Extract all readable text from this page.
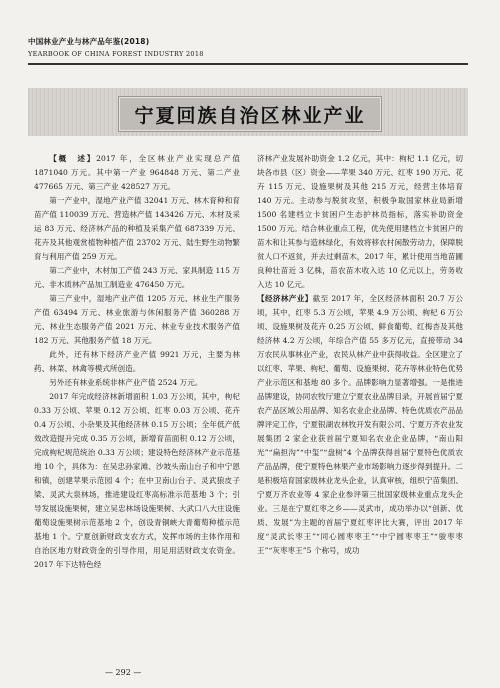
中国林业产业与林产品年鉴(2018)
YEARBOOK OF CHINA FOREST INDUSTRY 2018
宁夏回族自治区林业产业

【概　述】2017 年，全区林业产业实现总产值 1871040 万元。其中第一产业 964848 万元、第二产业 477665 万元、第三产业 428527 万元。

第一产业中，湿地产业产值 32041 万元、林木育种和育苗产值 110039 万元、营造林产值 143426 万元、木材及采运 83 万元、经济林产品的种植及采集产值 687339 万元、花卉及其他观赏植物种植产值 23702 万元、陆生野生动物繁育与利用产值 259 万元。

第二产业中，木材加工产值 243 万元、家具制造 115 万元、非木质林产品加工制造业 476450 万元。

第三产业中，湿地产业产值 1205 万元、林业生产服务产值 63494 万元、林业旅游与休闲服务产值 360288 万元、林业生态服务产值 2021 万元、林业专业技术服务产值 182 万元、其他服务产值 18 万元。

此外，还有林下经济产业产值 9921 万元，主要为林药、林菜、林禽等模式所创造。

另外还有林业系统非林产业产值 2524 万元。

2017 年完成经济林新增面积 1.03 万公顷，其中，枸杞 0.33 万公顷、苹果 0.12 万公顷、红枣 0.03 万公顷、花卉 0.4 万公顷、小杂果及其他经济林 0.15 万公顷；全年低产低效改造提升完成 0.35 万公顷，新增育苗面积 0.12 万公顷，完成枸杞规范统治 0.33 万公顷；建设特色经济林产业示范基地 10 个，具体为：在吴忠孙家滩、沙坡头南山台子和中宁恩和镇，创建苹果示范园 4 个；在中卫南山台子、灵武狼皮子梁、灵武大泉林场，推进建设红枣高标准示范基地 3 个；引导发展设施果树，建立吴忠林场设施果树、大武口八大庄设施葡萄设施果树示范基地 2 个，创设青铜峡大青葡萄种植示范基地 1 个。宁夏创新财政支农方式，发挥市场的主体作用和自治区地方财政资金的引导作用，用足用活财政支农资金。2017 年下达特色经

济林产业发展补助资金 1.2 亿元，其中：枸杞 1.1 亿元，切块各市县（区）资金——苹果 340 万元、红枣 190 万元、花卉 115 万元、设施果树及其他 215 万元，经营主体培育 140 万元。主动参与脱贫攻坚，积极争取国家林业局新增 1500 名建档立卡贫困户生态护林员指标，落实补助资金 1500 万元。结合林业重点工程，优先使用建档立卡贫困户的苗木和让其参与造林绿化，有效将移农村闲散劳动力，保障脱贫人口不返贫，并去过剩苗木，2017 年，累计使用当地苗圃良种壮苗近 3 亿株，苗农苗木收入达 10 亿元以上，劳务收入达 10 亿元。

【经济林产业】截至 2017 年，全区经济林面积 20.7 万公顷，其中，红枣 5.3 万公顷，苹果 4.9 万公顷、枸杞 6 万公顷、设施果树及花卉 0.25 万公顷、鲜食葡萄、红梅杏及其他经济林 4.2 万公顷，年综合产值 55 多万亿元，直接带动 34 万农民从事林业产业，农民从林产业中获得收益。全区建立了以红枣、苹果、枸杞、葡萄、设施果树、花卉等林业特色优势产业示范区和基地 80 多个。品牌影响力显著增强。一是推进品牌建设，协同农牧厅建立宁夏农业品牌目录，开展首届宁夏农产品区域公用品牌、知名农业企业品牌、特色优质农产品品牌评定工作，宁夏银湖农林牧开发有限公司、宁夏万齐农业发展集团 2 家企业获首届宁夏知名农业企业品牌，“南山阳光”“扁担沟”“中玺”“盘树”4 个品牌获得首届宁夏特色优质农产品品牌，使宁夏特色林果产业市场影响力逐步得到提升。二是积极培育国家级林业龙头企业，认真审核，组织宁苗集团、宁夏万齐农业等 4 家企业参评第三批国家级林业重点龙头企业。三是在宁夏红枣之乡——灵武市，成功举办以“创新、优质、发展”为主题的首届宁夏红枣评比大赛，评出 2017 年度“灵武长枣王”“同心圆枣枣王”“中宁圆枣枣王”“骏枣枣王”“灰枣枣王”5 个称号，成功

— 292 —
